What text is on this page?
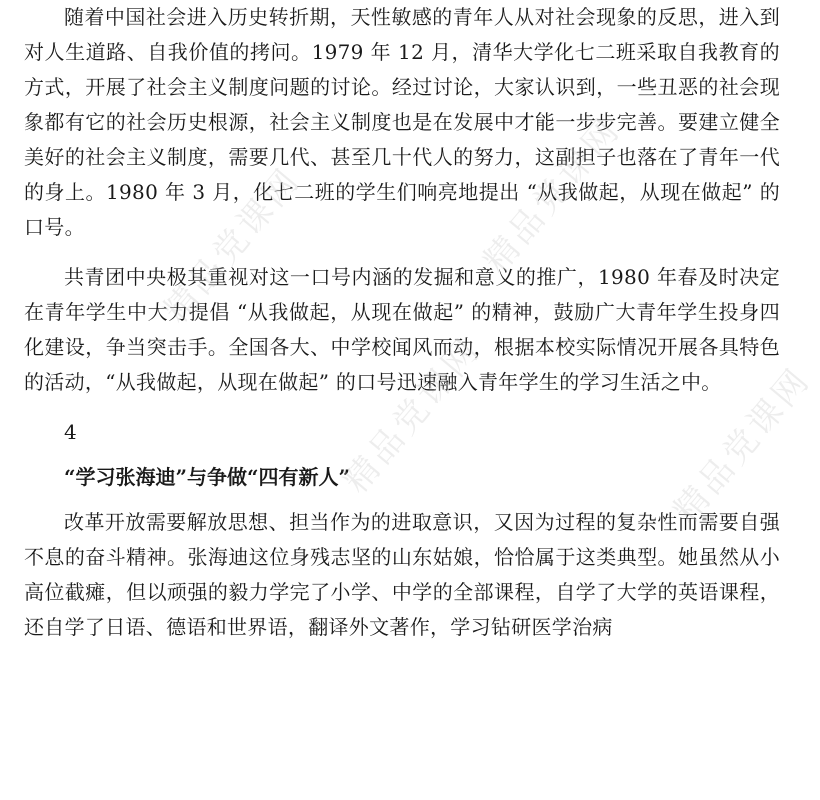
随着中国社会进入历史转折期，天性敏感的青年人从对社会现象的反思，进入到对人生道路、自我价值的拷问。1979 年 12 月，清华大学化七二班采取自我教育的方式，开展了社会主义制度问题的讨论。经过讨论，大家认识到，一些丑恶的社会现象都有它的社会历史根源，社会主义制度也是在发展中才能一步步完善。要建立健全美好的社会主义制度，需要几代、甚至几十代人的努力，这副担子也落在了青年一代的身上。1980 年 3 月，化七二班的学生们响亮地提出 “从我做起，从现在做起” 的口号。

共青团中央极其重视对这一口号内涵的发掘和意义的推广，1980 年春及时决定在青年学生中大力提倡 “从我做起，从现在做起” 的精神，鼓励广大青年学生投身四化建设，争当突击手。全国各大、中学校闻风而动，根据本校实际情况开展各具特色的活动，“从我做起，从现在做起” 的口号迅速融入青年学生的学习生活之中。

4

“学习张海迪”与争做“四有新人”

改革开放需要解放思想、担当作为的进取意识，又因为过程的复杂性而需要自强不息的奋斗精神。张海迪这位身残志坚的山东姑娘，恰恰属于这类典型。她虽然从小高位截瘫，但以顽强的毅力学完了小学、中学的全部课程，自学了大学的英语课程，还自学了日语、德语和世界语，翻译外文著作，学习钻研医学治病

精品党课网	精品党课网
精品党课网	精品党课网
